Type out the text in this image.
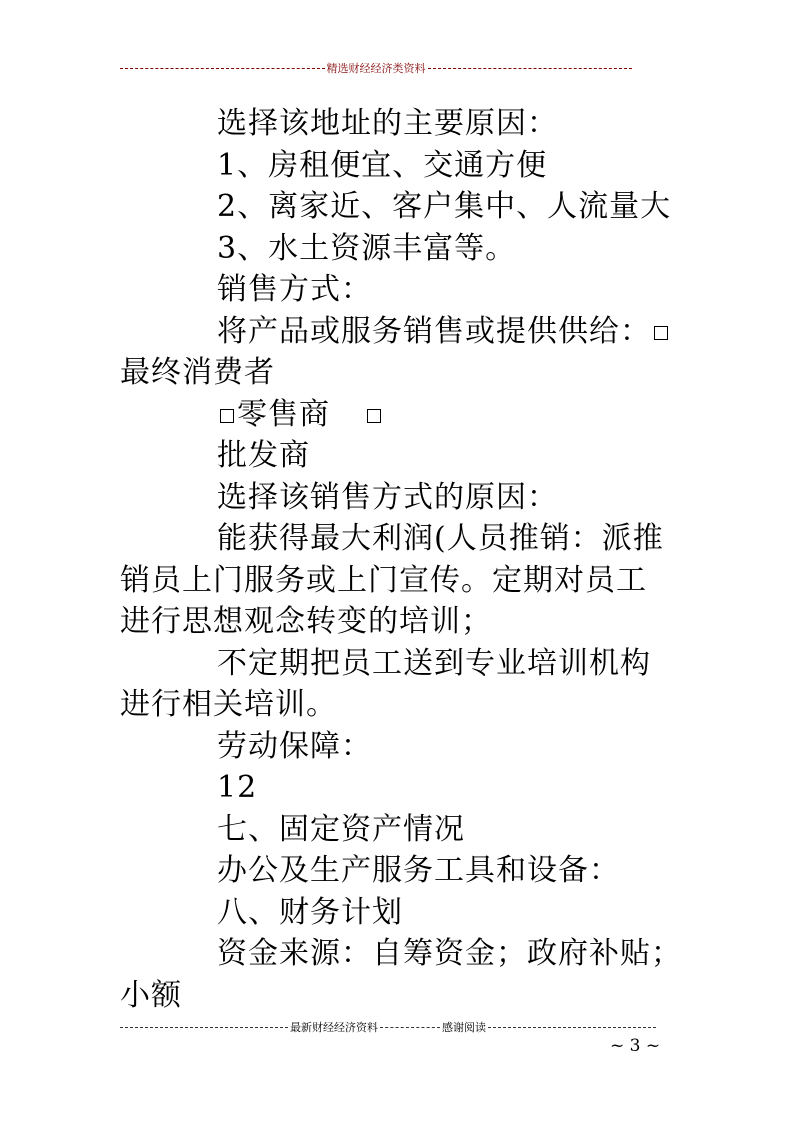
精选财经经济类资料
选择该地址的主要原因：
1、房租便宜、交通方便
2、离家近、客户集中、人流量大
3、水土资源丰富等。
销售方式：
将产品或服务销售或提供供给：
最终消费者
零售商
批发商
选择该销售方式的原因：
能获得最大利润(人员推销：派推
销员上门服务或上门宣传。定期对员工
进行思想观念转变的培训；
不定期把员工送到专业培训机构
进行相关培训。
劳动保障：
12
七、固定资产情况
办公及生产服务工具和设备：
八、财务计划
资金来源：自筹资金；政府补贴；
小额
最新财经经济资料	感谢阅读
~ 3 ~
